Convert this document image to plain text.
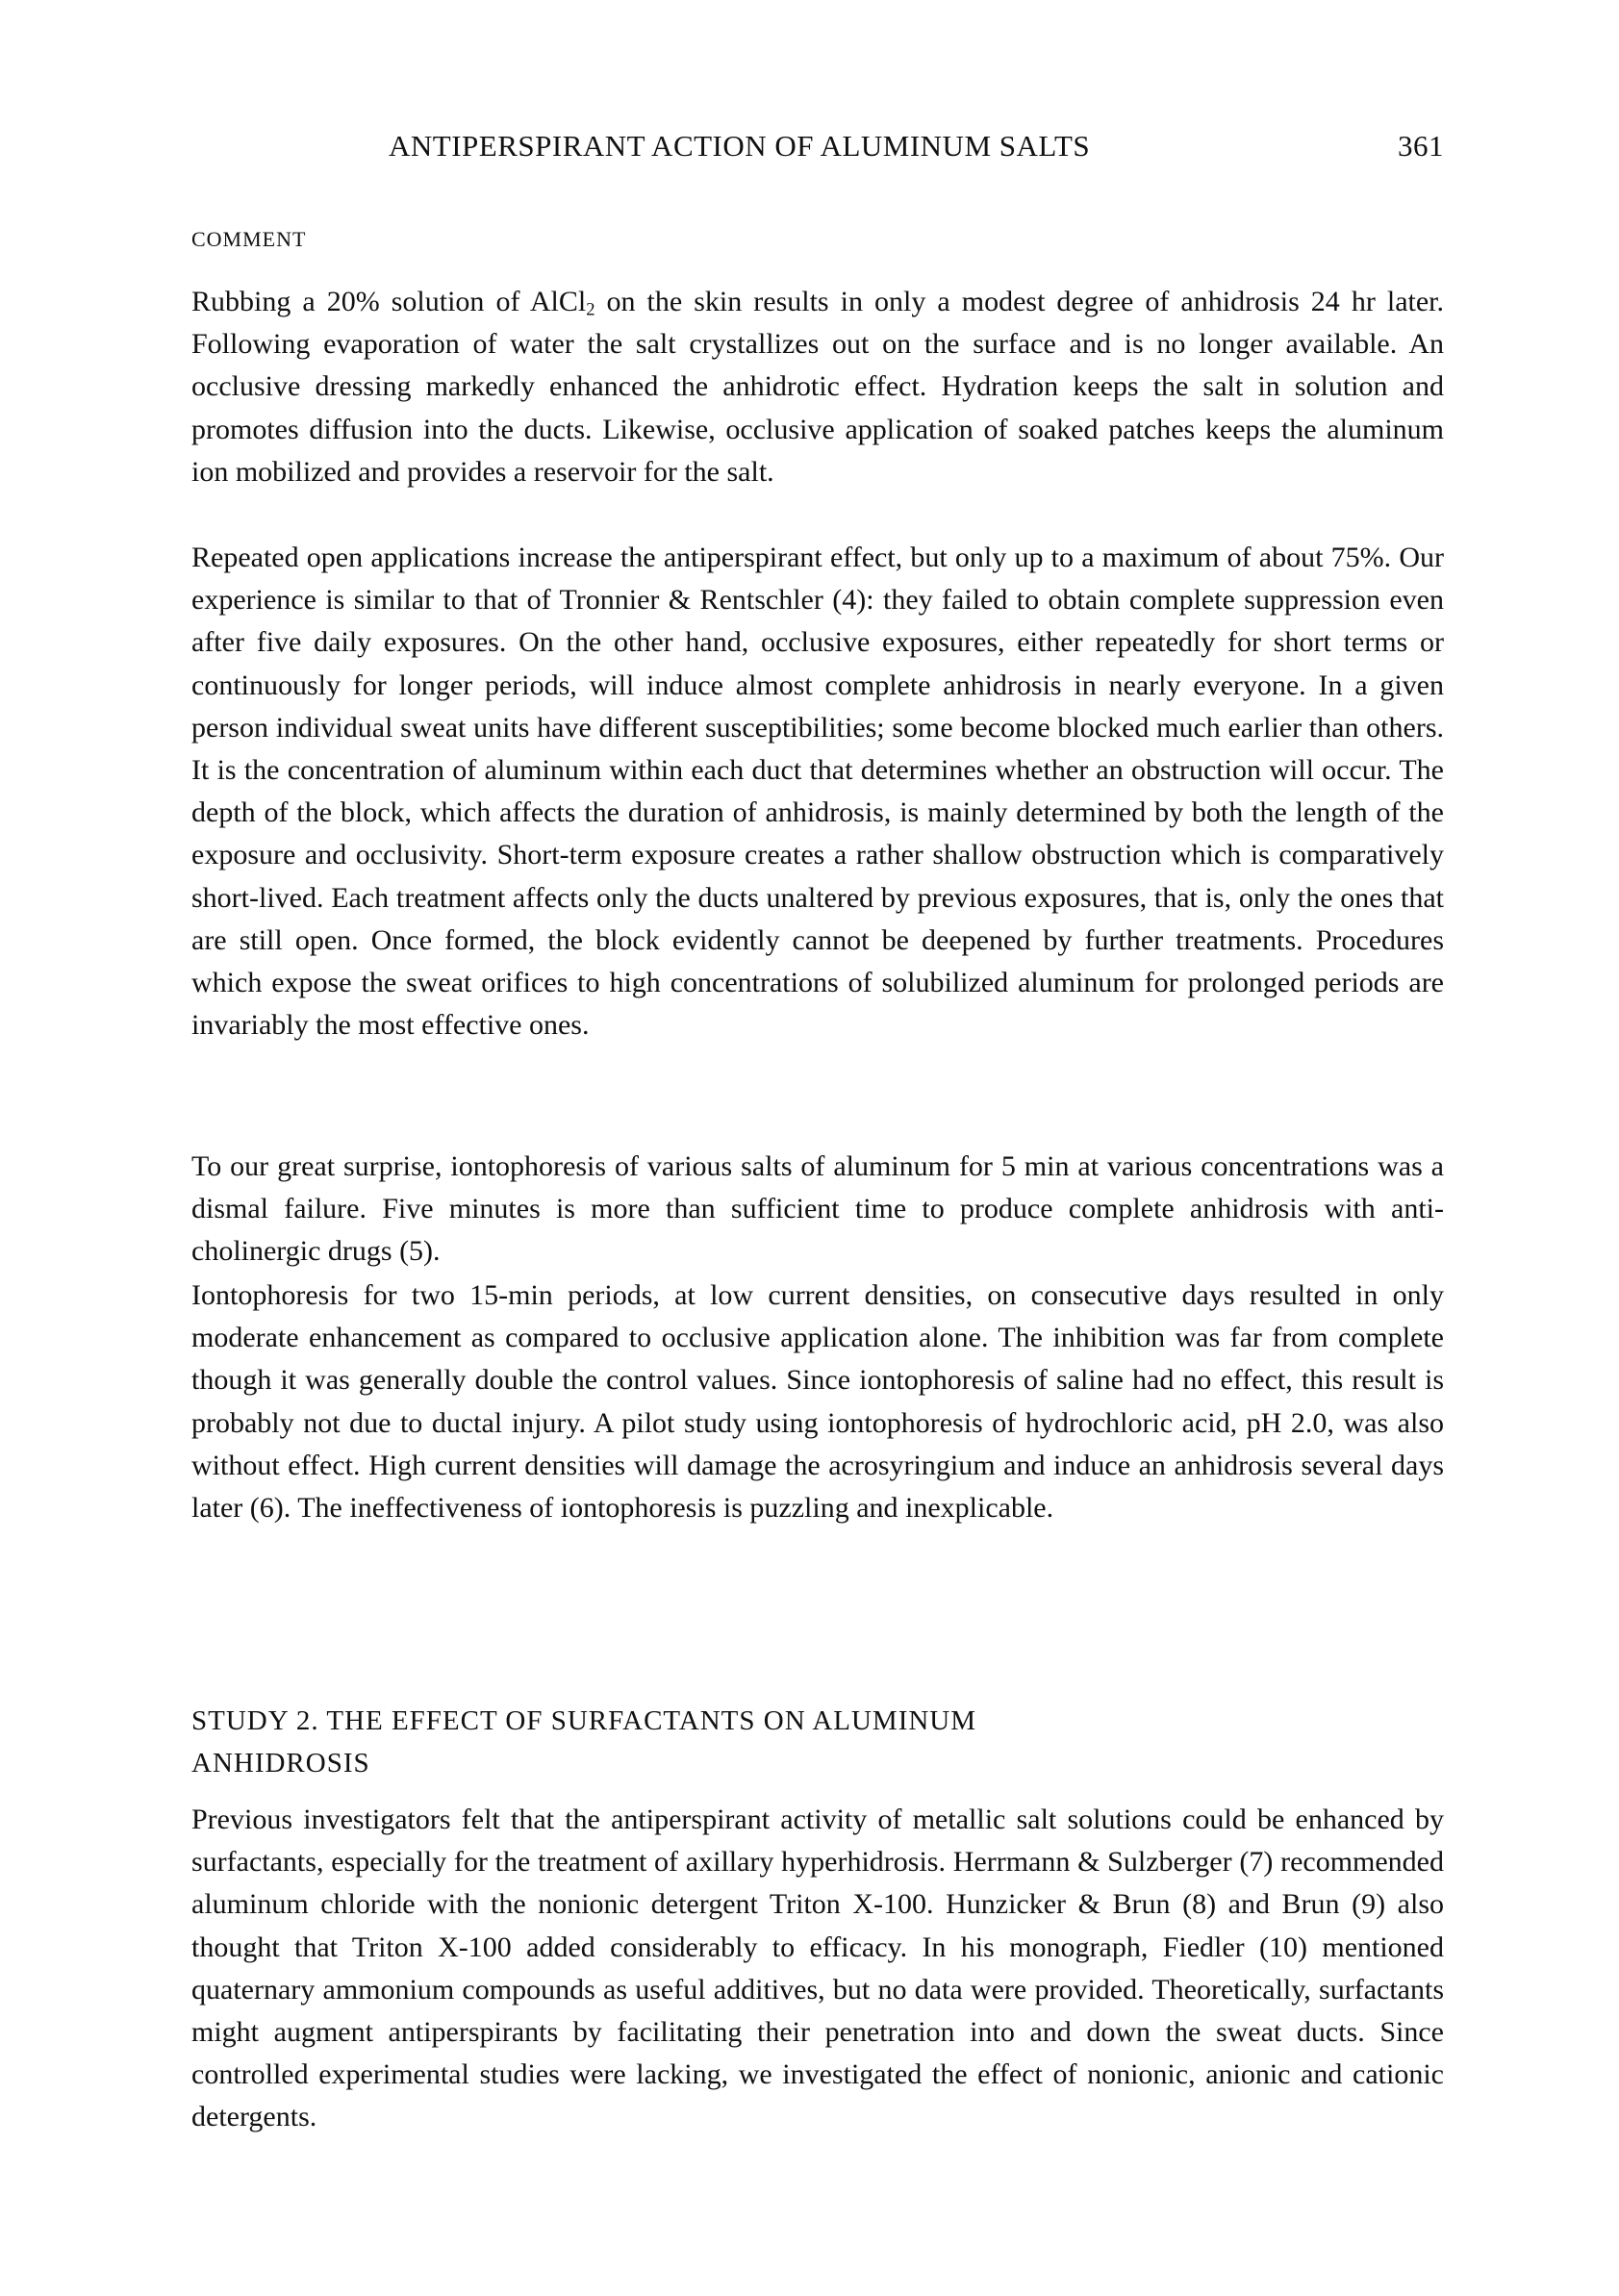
ANTIPERSPIRANT ACTION OF ALUMINUM SALTS	361
COMMENT

Rubbing a 20% solution of AlCl$_2$ on the skin results in only a modest degree of anhidrosis 24 hr later. Following evaporation of water the salt crystallizes out on the surface and is no longer available. An occlusive dressing markedly enhanced the anhidrotic effect. Hydration keeps the salt in solution and promotes diffusion into the ducts. Likewise, occlusive application of soaked patches keeps the aluminum ion mobilized and provides a reservoir for the salt.

Repeated open applications increase the antiperspirant effect, but only up to a maximum of about 75%. Our experience is similar to that of Tronnier & Rentschler (4): they failed to obtain complete suppression even after five daily exposures. On the other hand, occlusive exposures, either repeatedly for short terms or continuously for longer periods, will induce almost complete anhidrosis in nearly everyone. In a given person individual sweat units have different susceptibilities; some become blocked much earlier than others. It is the concentration of aluminum within each duct that determines whether an obstruction will occur. The depth of the block, which affects the duration of anhidrosis, is mainly determined by both the length of the exposure and occlusivity. Short-term exposure creates a rather shallow obstruction which is comparatively short-lived. Each treatment affects only the ducts unaltered by previous exposures, that is, only the ones that are still open. Once formed, the block evidently cannot be deepened by further treatments. Procedures which expose the sweat orifices to high concentrations of solubilized aluminum for prolonged periods are invariably the most effective ones.

To our great surprise, iontophoresis of various salts of aluminum for 5 min at various concentrations was a dismal failure. Five minutes is more than sufficient time to produce complete anhidrosis with anti-cholinergic drugs (5).

Iontophoresis for two 15-min periods, at low current densities, on consecutive days resulted in only moderate enhancement as compared to occlusive application alone. The inhibition was far from complete though it was generally double the control values. Since iontophoresis of saline had no effect, this result is probably not due to ductal injury. A pilot study using iontophoresis of hydrochloric acid, pH 2.0, was also without effect. High current densities will damage the acrosyringium and induce an anhidrosis several days later (6). The ineffectiveness of iontophoresis is puzzling and inexplicable.

STUDY 2. THE EFFECT OF SURFACTANTS ON ALUMINUM
ANHIDROSIS

Previous investigators felt that the antiperspirant activity of metallic salt solutions could be enhanced by surfactants, especially for the treatment of axillary hyperhidrosis. Herrmann & Sulzberger (7) recommended aluminum chloride with the nonionic detergent Triton X-100. Hunzicker & Brun (8) and Brun (9) also thought that Triton X-100 added considerably to efficacy. In his monograph, Fiedler (10) mentioned quaternary ammonium compounds as useful additives, but no data were provided. Theoretically, surfactants might augment antiperspirants by facilitating their penetration into and down the sweat ducts. Since controlled experimental studies were lacking, we investigated the effect of nonionic, anionic and cationic detergents.
